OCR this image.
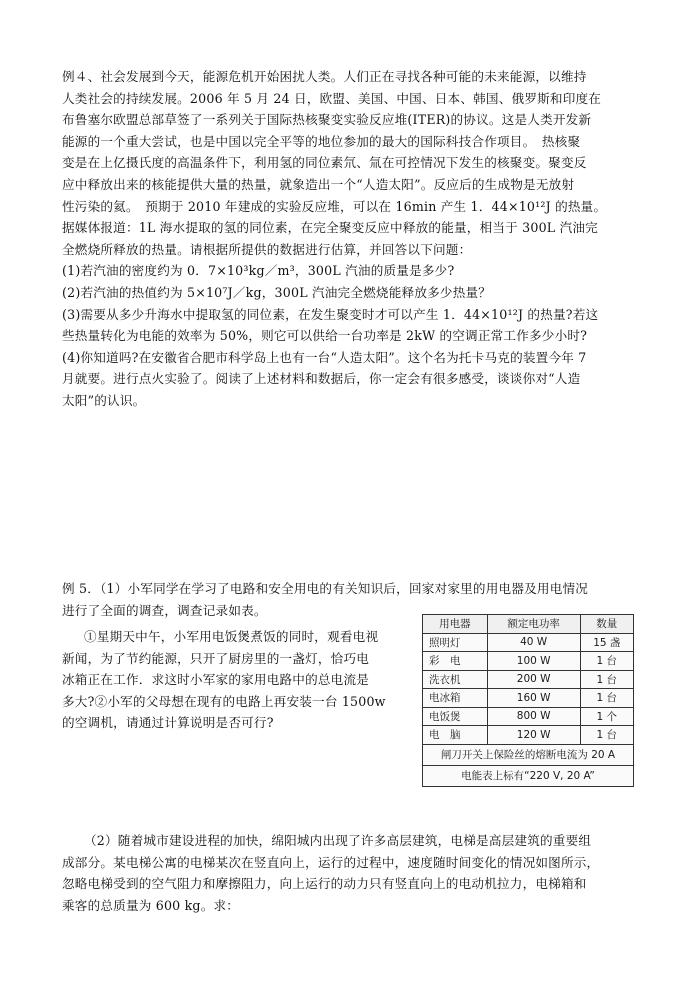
例４、社会发展到今天，能源危机开始困扰人类。人们正在寻找各种可能的未来能源，以维持
人类社会的持续发展。2006 年 5 月 24 日，欧盟、美国、中国、日本、韩国、俄罗斯和印度在
布鲁塞尔欧盟总部草签了一系列关于国际热核聚变实验反应堆(ITER)的协议。这是人类开发新
能源的一个重大尝试，也是中国以完全平等的地位参加的最大的国际科技合作项目。　热核聚
变是在上亿摄氏度的高温条件下，利用氢的同位素氘、氚在可控情况下发生的核聚变。聚变反
应中释放出来的核能提供大量的热量，就象造出一个“人造太阳”。反应后的生成物是无放射
性污染的氦。　预期于 2010 年建成的实验反应堆，可以在 16min 产生 1．44×10¹²J 的热量。
据媒体报道：1L 海水提取的氢的同位素，在完全聚变反应中释放的能量，相当于 300L 汽油完
全燃烧所释放的热量。请根据所提供的数据进行估算，并回答以下问题：
(1)若汽油的密度约为 0．7×10³kg／m³，300L 汽油的质量是多少?
(2)若汽油的热值约为 5×10⁷J／kg，300L 汽油完全燃烧能释放多少热量？
(3)需要从多少升海水中提取氢的同位素，在发生聚变时才可以产生 1．44×10¹²J 的热量?若这
些热量转化为电能的效率为 50%，则它可以供给一台功率是 2kW 的空调正常工作多少小时?
(4)你知道吗?在安徽省合肥市科学岛上也有一台“人造太阳”。这个名为托卡马克的装置今年 7
月就要。进行点火实验了。阅读了上述材料和数据后，你一定会有很多感受，谈谈你对“人造
太阳”的认识。
例 5．（1）小军同学在学习了电路和安全用电的有关知识后，回家对家里的用电器及用电情况
进行了全面的调查，调查记录如表。
①星期天中午，小军用电饭煲煮饭的同时，观看电视
新闻，为了节约能源，只开了厨房里的一盏灯，恰巧电
冰箱正在工作．求这时小军家的家用电路中的总电流是
多大?②小军的父母想在现有的电路上再安装一台 1500w
的空调机，请通过计算说明是否可行?
用电器	额定电功率	数量
照明灯	40 W	15 盏
彩　电	100 W	1 台
洗衣机	200 W	1 台
电冰箱	160 W	1 台
电饭煲	800 W	1 个
电　脑	120 W	1 台
闸刀开关上保险丝的熔断电流为 20 A		
电能表上标有“220 V, 20 A”		
（2）随着城市建设进程的加快，绵阳城内出现了许多高层建筑，电梯是高层建筑的重要组
成部分。某电梯公寓的电梯某次在竖直向上，运行的过程中，速度随时间变化的情况如图所示，
忽略电梯受到的空气阻力和摩擦阻力，向上运行的动力只有竖直向上的电动机拉力，电梯箱和
乘客的总质量为 600 kg。求：
